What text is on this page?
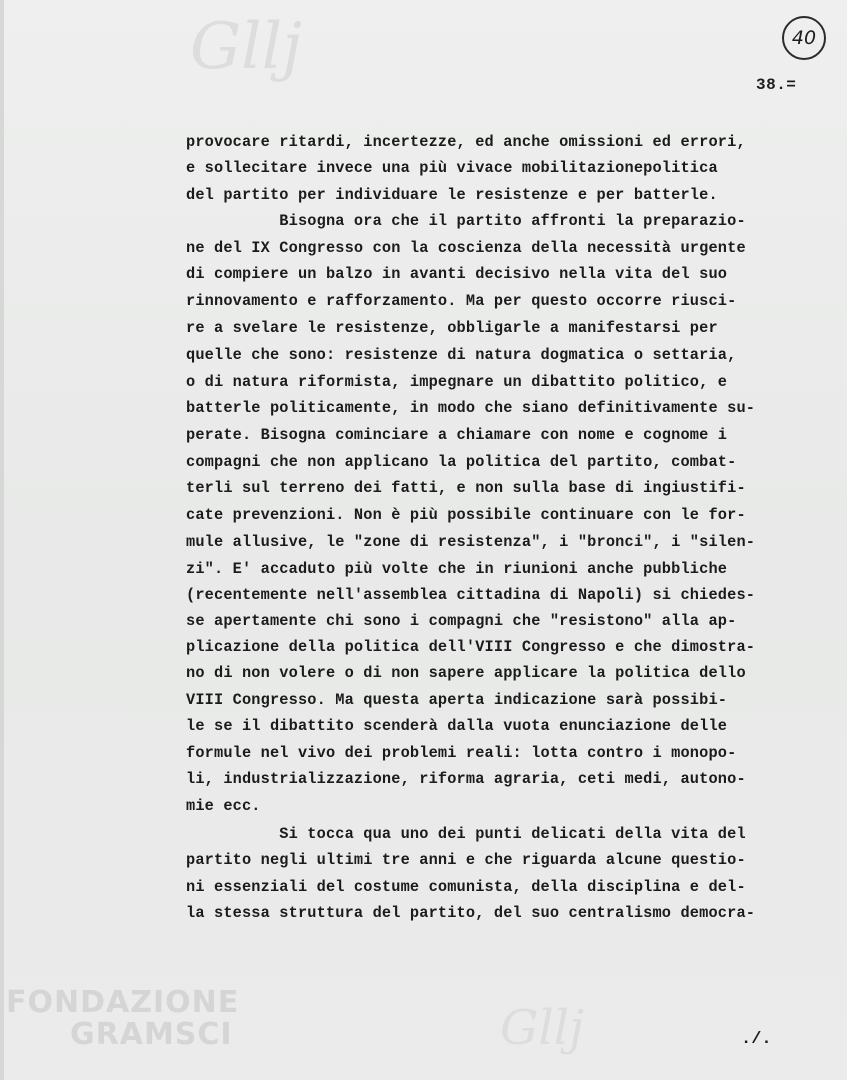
Gllj
Gllj
40
38.=
provocare ritardi, incertezze, ed anche omissioni ed errori,
e sollecitare invece una più vivace mobilitazionepolitica
del partito per individuare le resistenze e per batterle.
Bisogna ora che il partito affronti la preparazio-
ne del IX Congresso con la coscienza della necessità urgente
di compiere un balzo in avanti decisivo nella vita del suo
rinnovamento e rafforzamento. Ma per questo occorre riusci-
re a svelare le resistenze, obbligarle a manifestarsi per
quelle che sono: resistenze di natura dogmatica o settaria,
o di natura riformista, impegnare un dibattito politico, e
batterle politicamente, in modo che siano definitivamente su-
perate. Bisogna cominciare a chiamare con nome e cognome i
compagni che non applicano la politica del partito, combat-
terli sul terreno dei fatti, e non sulla base di ingiustifi-
cate prevenzioni. Non è più possibile continuare con le for-
mule allusive, le "zone di resistenza", i "bronci", i "silen-
zi". E' accaduto più volte che in riunioni anche pubbliche
(recentemente nell'assemblea cittadina di Napoli) si chiedes-
se apertamente chi sono i compagni che "resistono" alla ap-
plicazione della politica dell'VIII Congresso e che dimostra-
no di non volere o di non sapere applicare la politica dello
VIII Congresso. Ma questa aperta indicazione sarà possibi-
le se il dibattito scenderà dalla vuota enunciazione delle
formule nel vivo dei problemi reali: lotta contro i monopo-
li, industrializzazione, riforma agraria, ceti medi, autono-
mie ecc.
Si tocca qua uno dei punti delicati della vita del
partito negli ultimi tre anni e che riguarda alcune questio-
ni essenziali del costume comunista, della disciplina e del-
la stessa struttura del partito, del suo centralismo democra-
./.
FONDAZIONE
GRAMSCI
